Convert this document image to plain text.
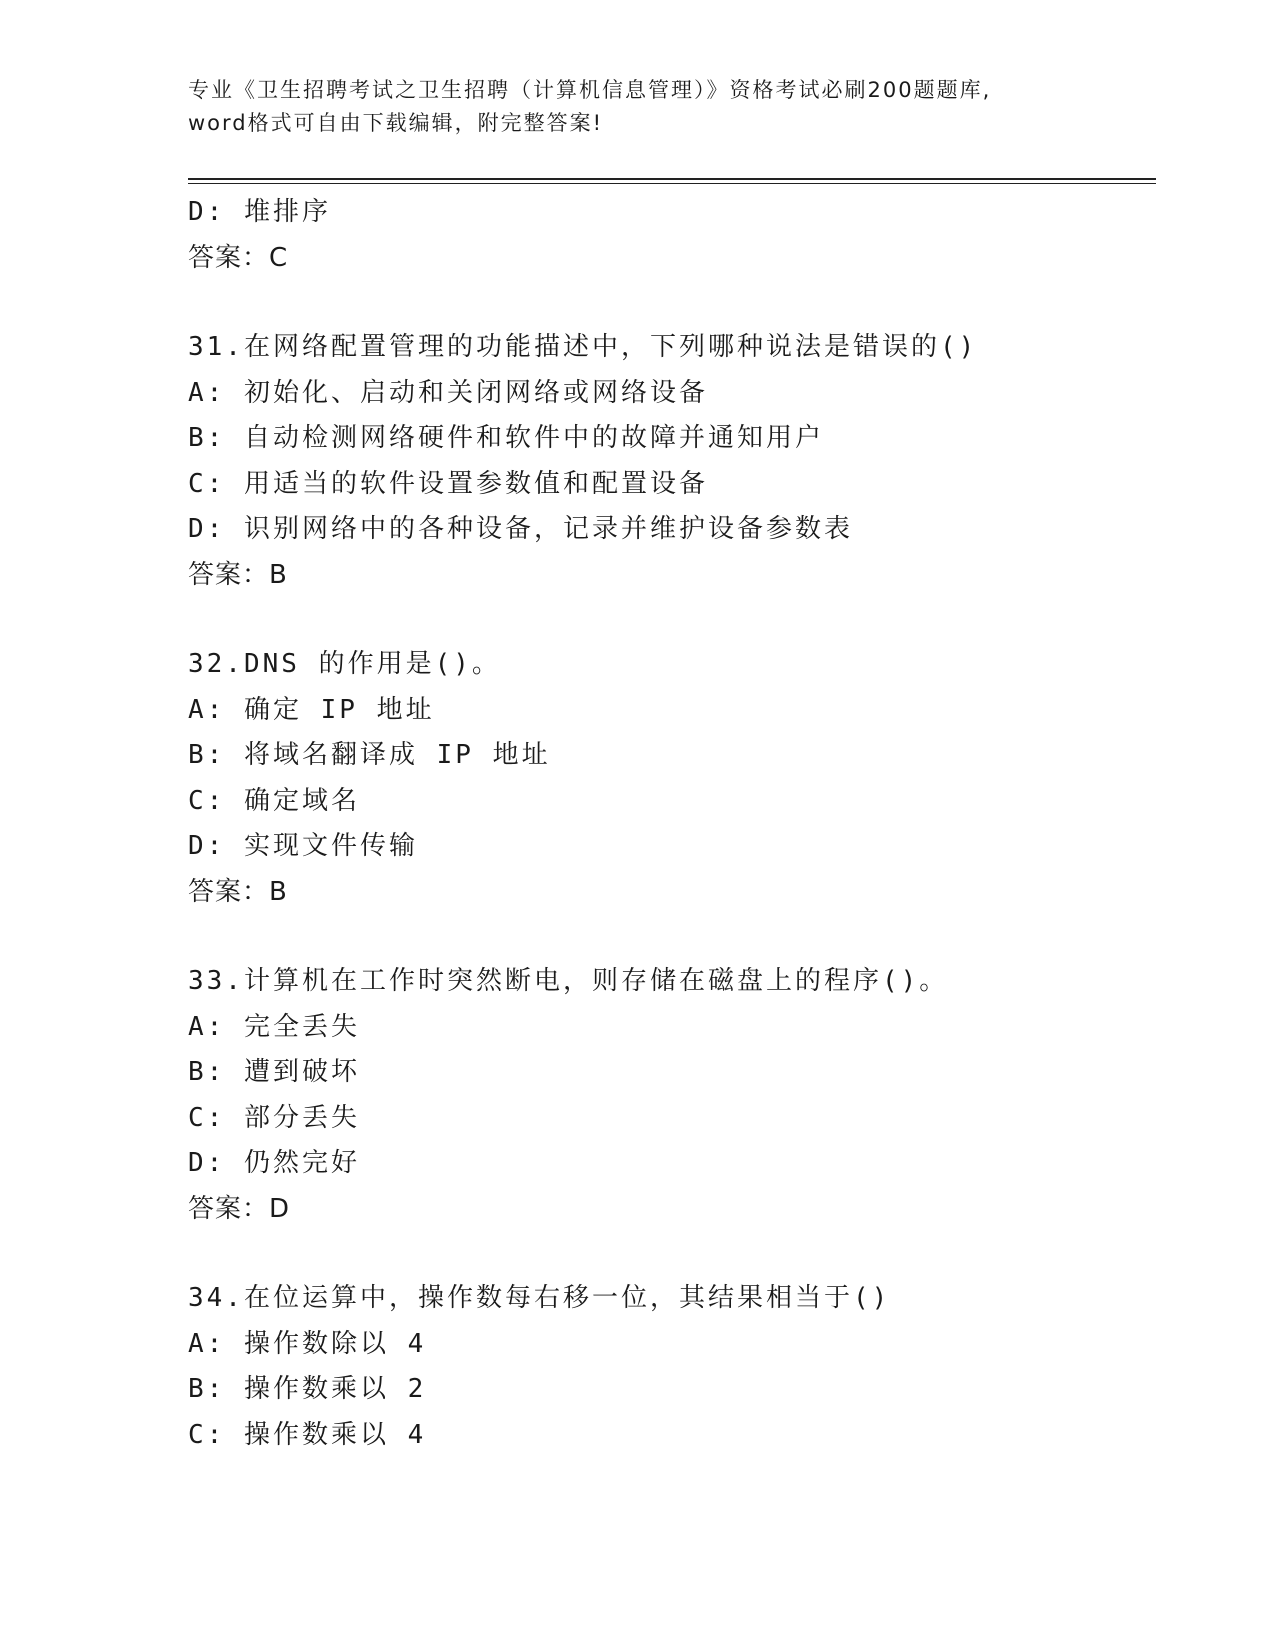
专业《卫生招聘考试之卫生招聘（计算机信息管理）》资格考试必刷200题题库,
word格式可自由下载编辑，附完整答案!
D: 堆排序
答案：C
31.在网络配置管理的功能描述中，下列哪种说法是错误的()
A: 初始化、启动和关闭网络或网络设备
B: 自动检测网络硬件和软件中的故障并通知用户
C: 用适当的软件设置参数值和配置设备
D: 识别网络中的各种设备，记录并维护设备参数表
答案：B
32.DNS 的作用是()。
A: 确定 IP 地址
B: 将域名翻译成 IP 地址
C: 确定域名
D: 实现文件传输
答案：B
33.计算机在工作时突然断电，则存储在磁盘上的程序()。
A: 完全丢失
B: 遭到破坏
C: 部分丢失
D: 仍然完好
答案：D
34.在位运算中，操作数每右移一位，其结果相当于()
A: 操作数除以 4
B: 操作数乘以 2
C: 操作数乘以 4
